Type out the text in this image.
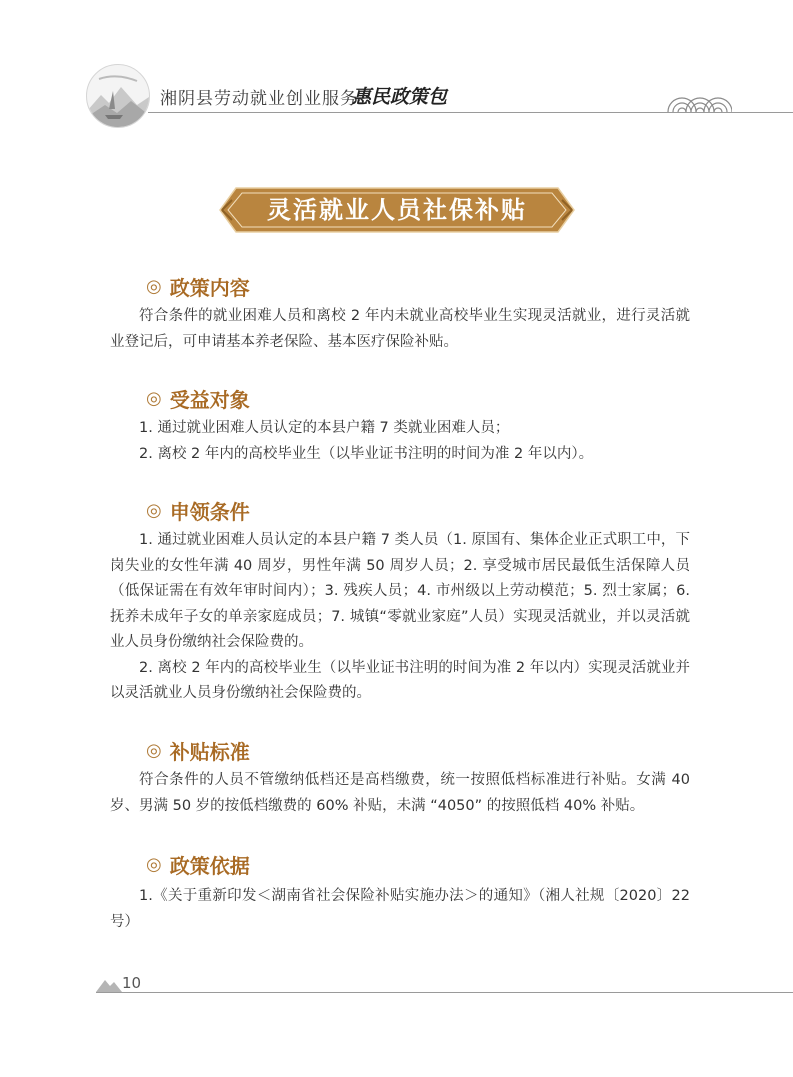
湘阴县劳动就业创业服务
惠民政策包
灵活就业人员社保补贴
◎ 政策内容

符合条件的就业困难人员和离校 2 年内未就业高校毕业生实现灵活就业，进行灵活就业登记后，可申请基本养老保险、基本医疗保险补贴。

◎ 受益对象

1. 通过就业困难人员认定的本县户籍 7 类就业困难人员；

2. 离校 2 年内的高校毕业生（以毕业证书注明的时间为准 2 年以内）。

◎ 申领条件

1. 通过就业困难人员认定的本县户籍 7 类人员（1. 原国有、集体企业正式职工中，下岗失业的女性年满 40 周岁，男性年满 50 周岁人员；2. 享受城市居民最低生活保障人员（低保证需在有效年审时间内）；3. 残疾人员；4. 市州级以上劳动模范；5. 烈士家属；6. 抚养未成年子女的单亲家庭成员；7. 城镇“零就业家庭”人员）实现灵活就业，并以灵活就业人员身份缴纳社会保险费的。

2. 离校 2 年内的高校毕业生（以毕业证书注明的时间为准 2 年以内）实现灵活就业并以灵活就业人员身份缴纳社会保险费的。

◎ 补贴标准

符合条件的人员不管缴纳低档还是高档缴费，统一按照低档标准进行补贴。女满 40 岁、男满 50 岁的按低档缴费的 60% 补贴，未满 “4050” 的按照低档 40% 补贴。

◎ 政策依据

1.《关于重新印发＜湖南省社会保险补贴实施办法＞的通知》（湘人社规〔2020〕22 号）

10
